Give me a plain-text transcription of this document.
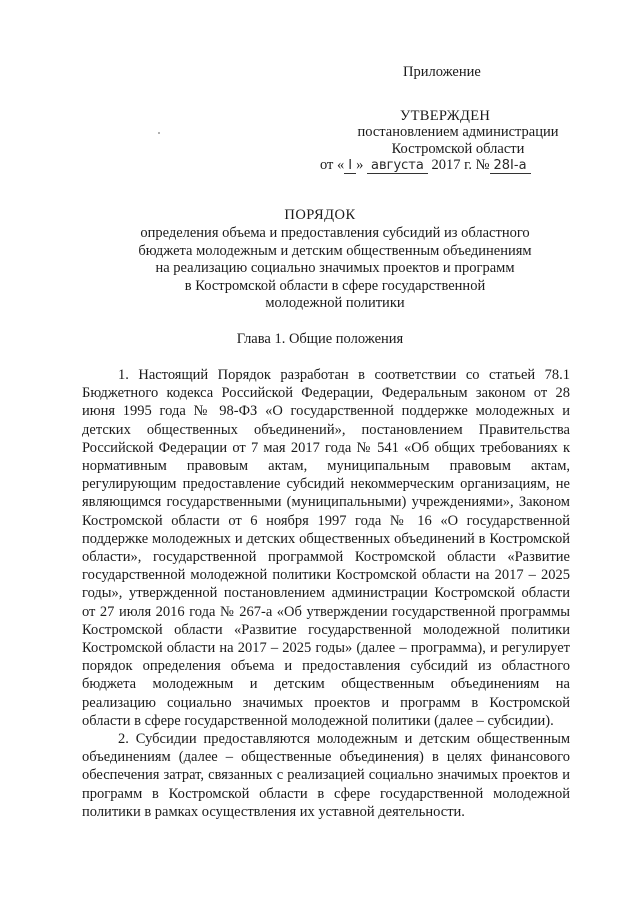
Приложение
УТВЕРЖДЕН
постановлением администрации
Костромской области
от « I » августа 2017 г. № 28I-а
ПОРЯДОК
определения объема и предоставления субсидий из областного
бюджета молодежным и детским общественным объединениям
на реализацию социально значимых проектов и программ
в Костромской области в сфере государственной
молодежной политики
Глава 1. Общие положения

1. Настоящий Порядок разработан в соответствии со статьей 78.1 Бюджетного кодекса Российской Федерации, Федеральным законом от 28 июня 1995 года № 98-ФЗ «О государственной поддержке молодежных и детских общественных объединений», постановлением Правительства Российской Федерации от 7 мая 2017 года № 541 «Об общих требованиях к нормативным правовым актам, муниципальным правовым актам, регулирующим предоставление субсидий некоммерческим организациям, не являющимся государственными (муниципальными) учреждениями», Законом Костромской области от 6 ноября 1997 года № 16 «О государственной поддержке молодежных и детских общественных объединений в Костромской области», государственной программой Костромской области «Развитие государственной молодежной политики Костромской области на 2017 – 2025 годы», утвержденной постановлением администрации Костромской области от 27 июля 2016 года № 267-а «Об утверждении государственной программы Костромской области «Развитие государственной молодежной политики Костромской области на 2017 – 2025 годы» (далее – программа), и регулирует порядок определения объема и предоставления субсидий из областного бюджета молодежным и детским общественным объединениям на реализацию социально значимых проектов и программ в Костромской области в сфере государственной молодежной политики (далее – субсидии).

2. Субсидии предоставляются молодежным и детским общественным объединениям (далее – общественные объединения) в целях финансового обеспечения затрат, связанных с реализацией социально значимых проектов и программ в Костромской области в сфере государственной молодежной политики в рамках осуществления их уставной деятельности.
